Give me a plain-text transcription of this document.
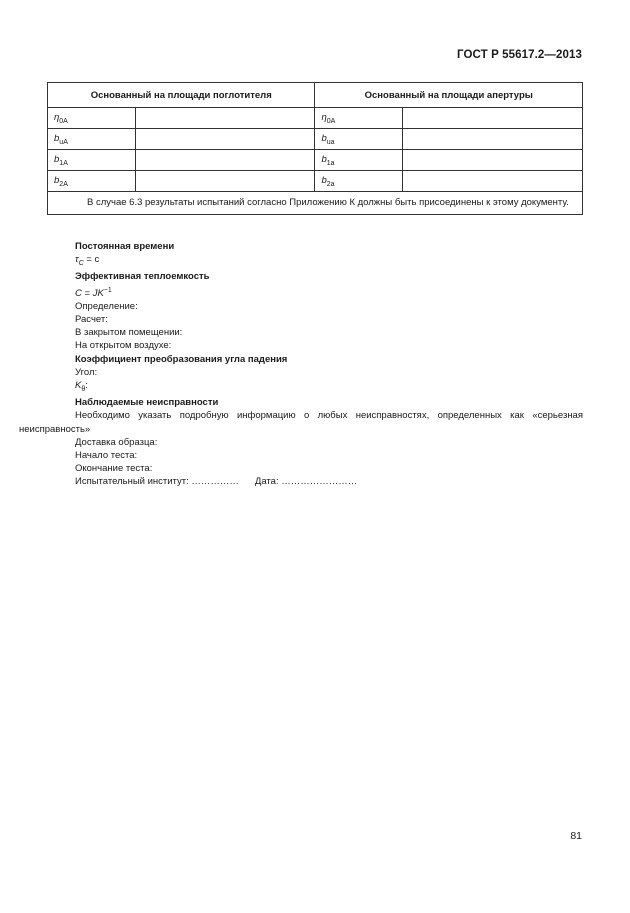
ГОСТ Р 55617.2—2013
Основанный на площади поглотителя		Основанный на площади апертуры	
$\eta_{0A}$		$\eta_{0A}$	
$b_{uA}$		$b_{ua}$	
$b_{1A}$		$b_{1a}$	
$b_{2A}$		$b_{2a}$	
В случае 6.3 результаты испытаний согласно Приложению К должны быть присоединены к этому документу.			
Постоянная времени
$\tau_C = с$
Эффективная теплоемкость
$C = JK^{-1}$
Определение:
Расчет:
В закрытом помещении:
На открытом воздухе:
Коэффициент преобразования угла падения
Угол:
$K_\theta$:
Наблюдаемые неисправности
Необходимо указать подробную информацию о любых неисправностях, определенных как «серьезная неисправность»
Доставка образца:
Начало теста:
Окончание теста:
Испытательный институт: …………… Дата: ……………………
81
